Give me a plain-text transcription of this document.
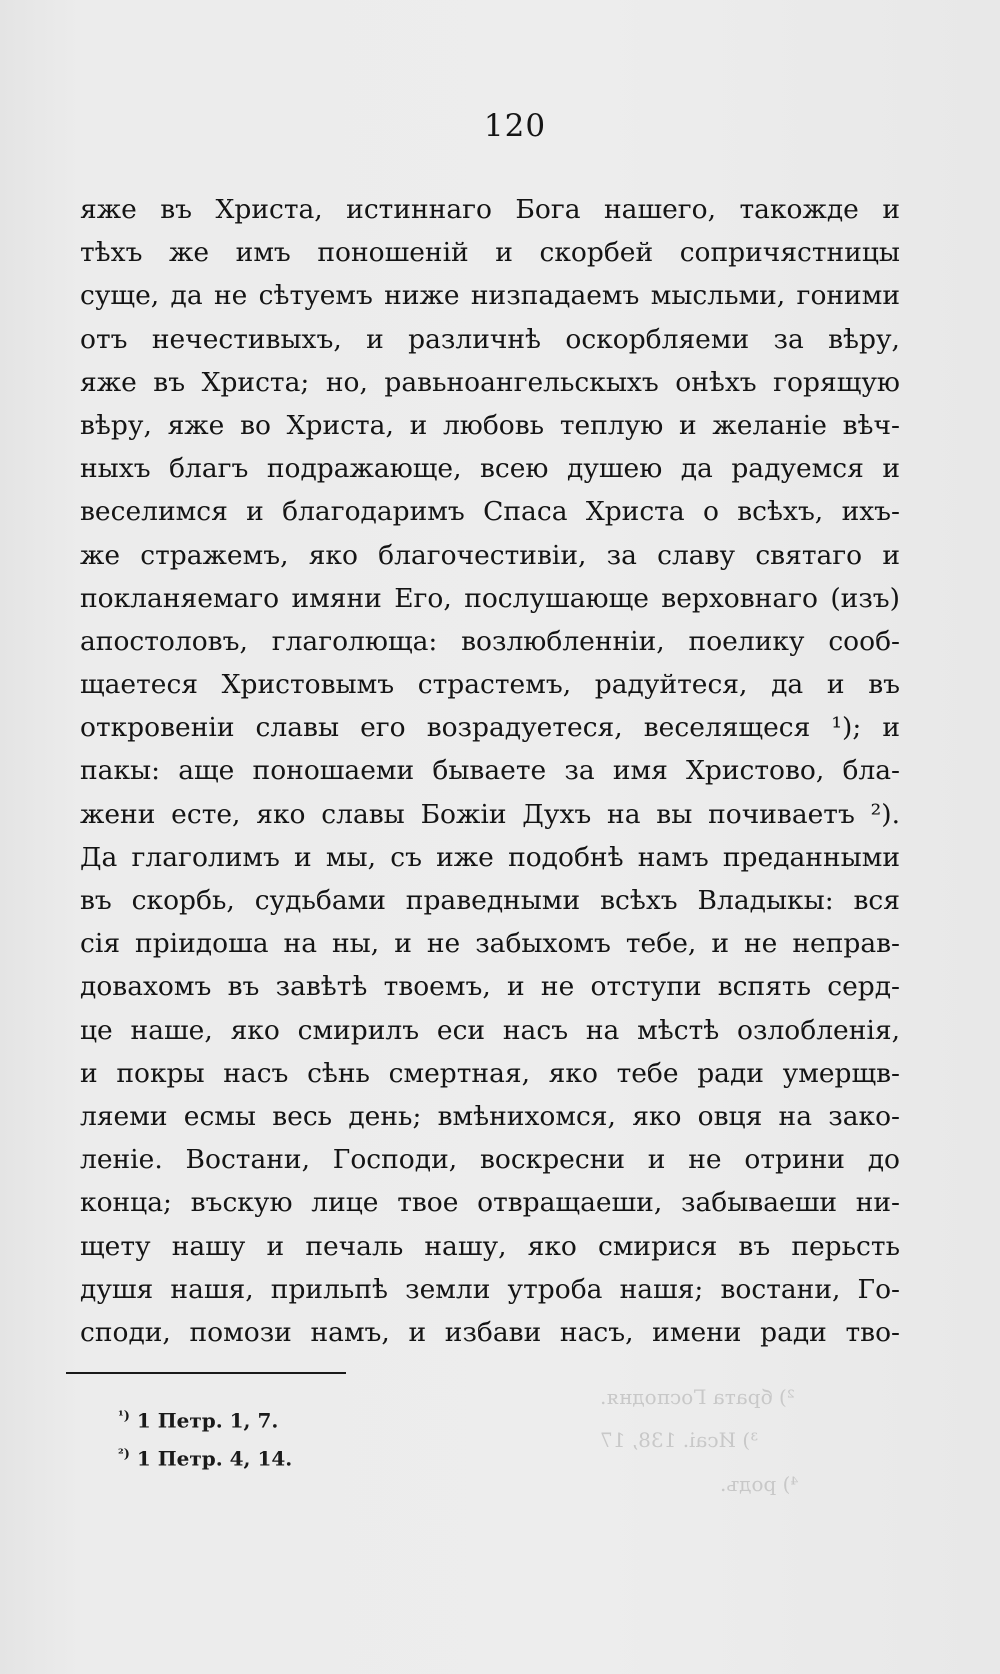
²) брата Господня.
³) Исаі. 138, 17
⁴) родъ.
120
яже въ Христа, истиннаго Бога нашего, такожде и
тѣхъ же имъ поношеній и скорбей сопричястницы
суще, да не сѣтуемъ ниже низпадаемъ мысльми, гоними
отъ нечестивыхъ, и различнѣ оскорбляеми за вѣру,
яже въ Христа; но, равьноангельскыхъ онѣхъ горящую
вѣру, яже во Христа, и любовь теплую и желаніе вѣч-
ныхъ благъ подражающе, всею душею да радуемся и
веселимся и благодаримъ Спаса Христа о всѣхъ, ихъ-
же стражемъ, яко благочестивіи, за славу святаго и
покланяемаго имяни Его, послушающе верховнаго (изъ)
апостоловъ, глаголюща: возлюбленніи, поелику сооб-
щаетеся Христовымъ страстемъ, радуйтеся, да и въ
откровеніи славы его возрадуетеся, веселящеся ¹); и
пакы: аще поношаеми бываете за имя Христово, бла-
жени есте, яко славы Божіи Духъ на вы почиваетъ ²).
Да глаголимъ и мы, съ иже подобнѣ намъ преданными
въ скорбь, судьбами праведными всѣхъ Владыкы: вся
сія пріидоша на ны, и не забыхомъ тебе, и не неправ-
довахомъ въ завѣтѣ твоемъ, и не отступи вспять серд-
це наше, яко смирилъ еси насъ на мѣстѣ озлобленія,
и покры насъ сѣнь смертная, яко тебе ради умерщв-
ляеми есмы весь день; вмѣнихомся, яко овця на зако-
леніе. Востани, Господи, воскресни и не отрини до
конца; въскую лице твое отвращаеши, забываеши ни-
щету нашу и печаль нашу, яко смирися въ перьсть
душя нашя, прильпѣ земли утроба нашя; востани, Го-
споди, помози намъ, и избави насъ, имени ради тво-
$^{^1)}$ 1 Петр. 1, 7.
$^{^2)}$ 1 Петр. 4, 14.
